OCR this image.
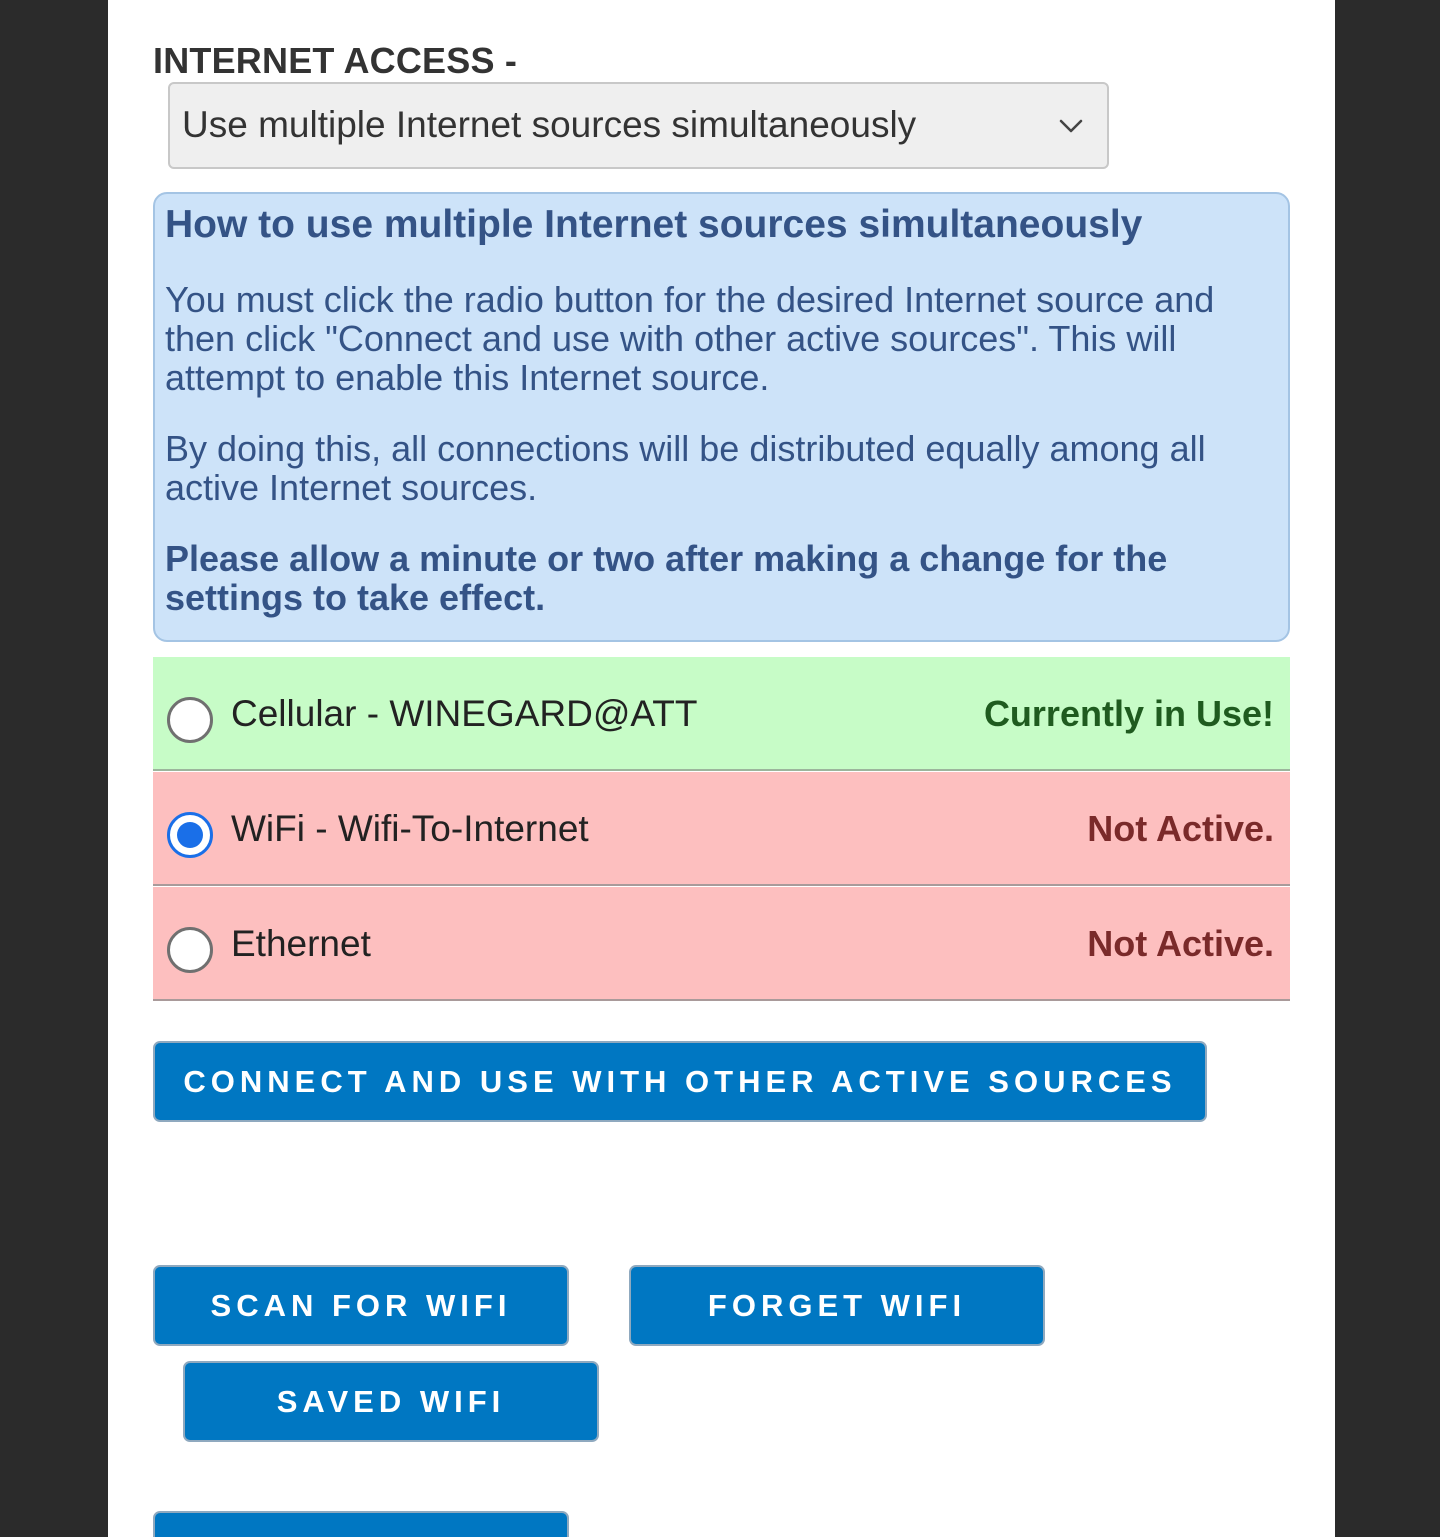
INTERNET ACCESS -
Use multiple Internet sources simultaneously

How to use multiple Internet sources simultaneously

You must click the radio button for the desired Internet source and then click "Connect and use with other active sources". This will attempt to enable this Internet source.

By doing this, all connections will be distributed equally among all active Internet sources.

Please allow a minute or two after making a change for the settings to take effect.

Cellular - WINEGARD@ATT	Currently in Use!
WiFi - Wifi-To-Internet	Not Active.
Ethernet	Not Active.
CONNECT AND USE WITH OTHER ACTIVE SOURCES
SCAN FOR WIFI	FORGET WIFI
SAVED WIFI
